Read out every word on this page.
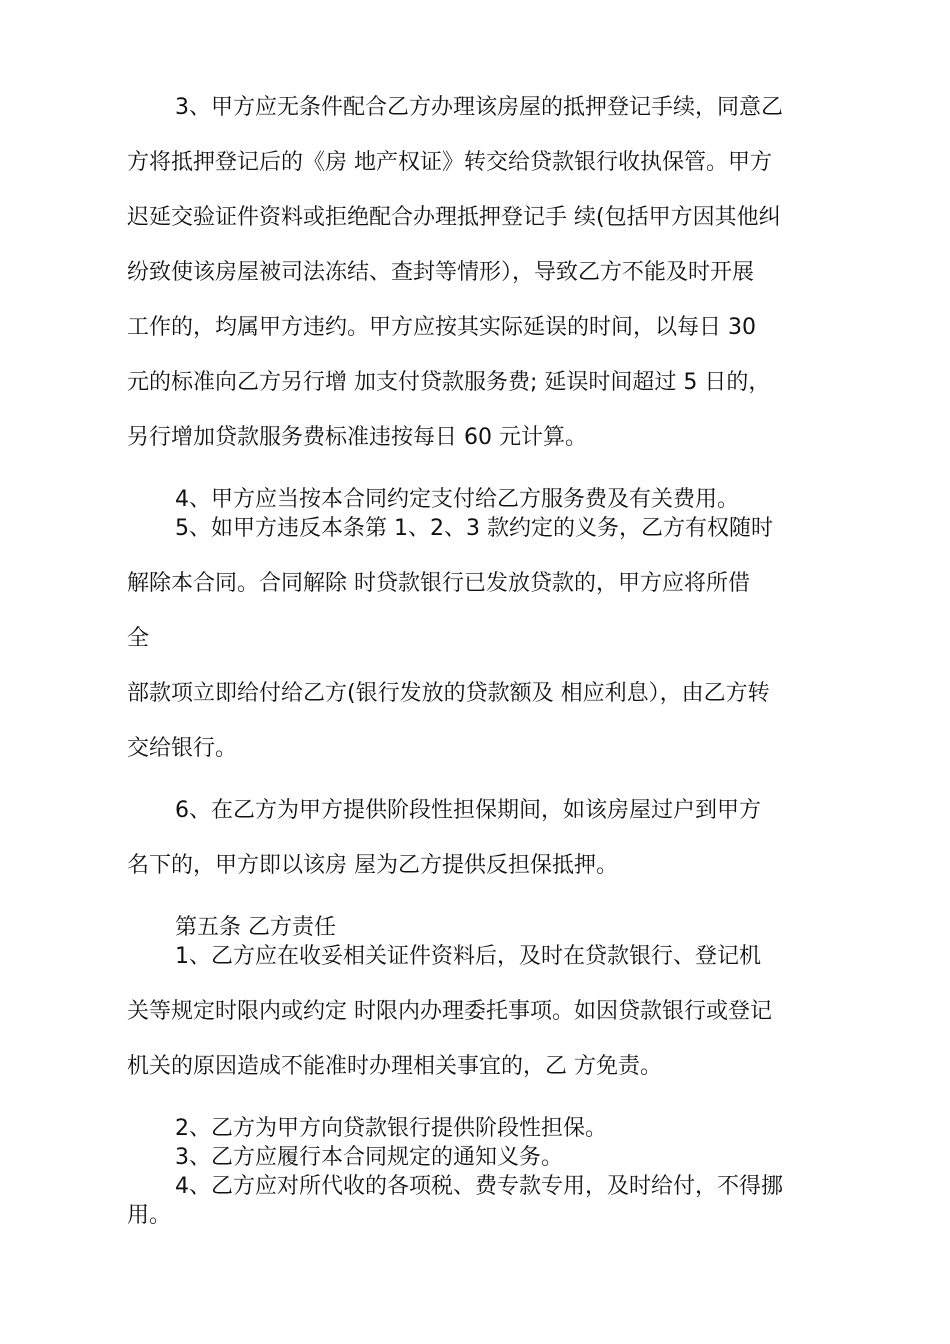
3、甲方应无条件配合乙方办理该房屋的抵押登记手续，同意乙
方将抵押登记后的《房 地产权证》转交给贷款银行收执保管。甲方
迟延交验证件资料或拒绝配合办理抵押登记手 续(包括甲方因其他纠
纷致使该房屋被司法冻结、查封等情形），导致乙方不能及时开展
工作的，均属甲方违约。甲方应按其实际延误的时间，以每日 30
元的标准向乙方另行增 加支付贷款服务费; 延误时间超过 5 日的，
另行增加贷款服务费标准违按每日 60 元计算。
4、甲方应当按本合同约定支付给乙方服务费及有关费用。
5、如甲方违反本条第 1、2、3 款约定的义务，乙方有权随时
解除本合同。合同解除 时贷款银行已发放贷款的，甲方应将所借
全
部款项立即给付给乙方(银行发放的贷款额及 相应利息），由乙方转
交给银行。
6、在乙方为甲方提供阶段性担保期间，如该房屋过户到甲方
名下的，甲方即以该房 屋为乙方提供反担保抵押。
第五条 乙方责任
1、乙方应在收妥相关证件资料后，及时在贷款银行、登记机
关等规定时限内或约定 时限内办理委托事项。如因贷款银行或登记
机关的原因造成不能准时办理相关事宜的，乙 方免责。
2、乙方为甲方向贷款银行提供阶段性担保。
3、乙方应履行本合同规定的通知义务。
4、乙方应对所代收的各项税、费专款专用，及时给付，不得挪
用。
